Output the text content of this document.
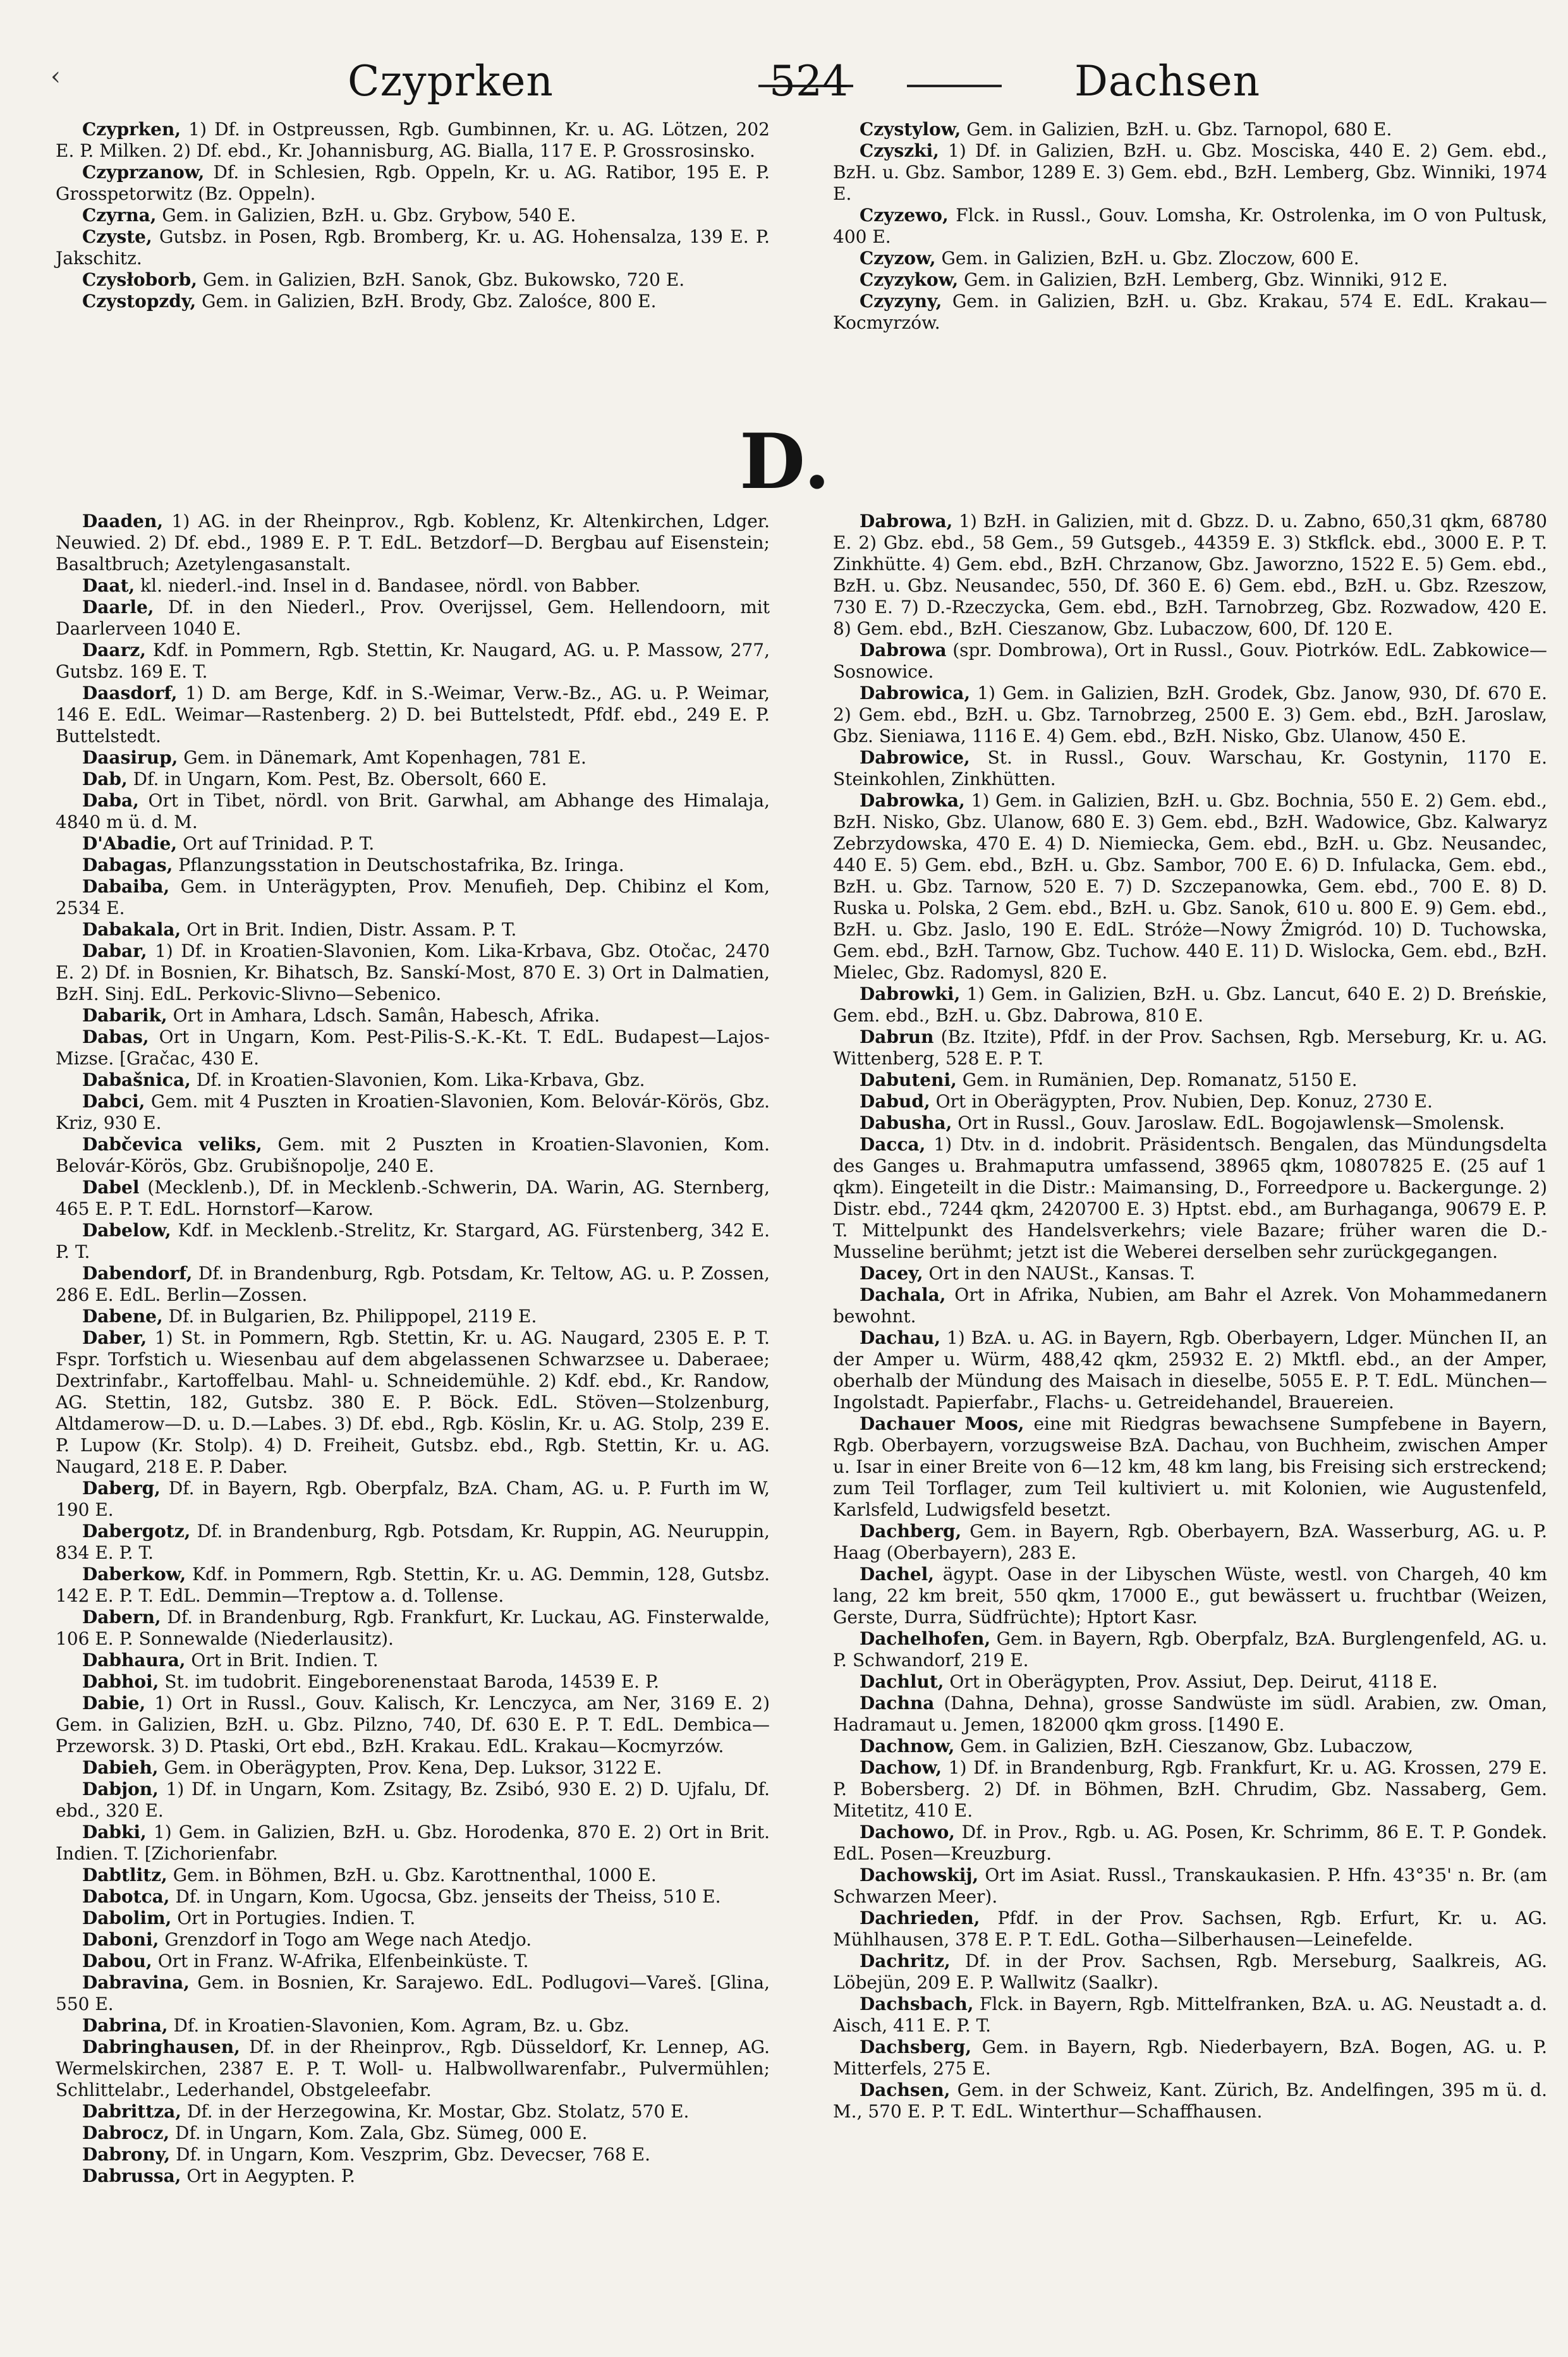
‹	Czyprken	524	Dachsen

Czyprken, 1) Df. in Ostpreussen, Rgb. Gumbinnen, Kr. u. AG. Lötzen, 202 E. P. Milken. 2) Df. ebd., Kr. Johannisburg, AG. Bialla, 117 E. P. Grossrosinsko.

Czyprzanow, Df. in Schlesien, Rgb. Oppeln, Kr. u. AG. Ratibor, 195 E. P. Grosspetorwitz (Bz. Oppeln).

Czyrna, Gem. in Galizien, BzH. u. Gbz. Grybow, 540 E.

Czyste, Gutsbz. in Posen, Rgb. Bromberg, Kr. u. AG. Hohensalza, 139 E. P. Jakschitz.

Czysłoborb, Gem. in Galizien, BzH. Sanok, Gbz. Bukowsko, 720 E.

Czystopzdy, Gem. in Galizien, BzH. Brody, Gbz. Zalośce, 800 E.

Czystylow, Gem. in Galizien, BzH. u. Gbz. Tarnopol, 680 E.

Czyszki, 1) Df. in Galizien, BzH. u. Gbz. Mosciska, 440 E. 2) Gem. ebd., BzH. u. Gbz. Sambor, 1289 E. 3) Gem. ebd., BzH. Lemberg, Gbz. Winniki, 1974 E.

Czyzewo, Flck. in Russl., Gouv. Lomsha, Kr. Ostrolenka, im O von Pultusk, 400 E.

Czyzow, Gem. in Galizien, BzH. u. Gbz. Zloczow, 600 E.

Czyzykow, Gem. in Galizien, BzH. Lemberg, Gbz. Winniki, 912 E.

Czyzyny, Gem. in Galizien, BzH. u. Gbz. Krakau, 574 E. EdL. Krakau—Kocmyrzów.

D.

Daaden, 1) AG. in der Rheinprov., Rgb. Koblenz, Kr. Altenkirchen, Ldger. Neuwied. 2) Df. ebd., 1989 E. P. T. EdL. Betzdorf—D. Bergbau auf Eisenstein; Basaltbruch; Azetylengasanstalt.

Daat, kl. niederl.-ind. Insel in d. Bandasee, nördl. von Babber.

Daarle, Df. in den Niederl., Prov. Overijssel, Gem. Hellendoorn, mit Daarlerveen 1040 E.

Daarz, Kdf. in Pommern, Rgb. Stettin, Kr. Naugard, AG. u. P. Massow, 277, Gutsbz. 169 E. T.

Daasdorf, 1) D. am Berge, Kdf. in S.-Weimar, Verw.-Bz., AG. u. P. Weimar, 146 E. EdL. Weimar—Rastenberg. 2) D. bei Buttelstedt, Pfdf. ebd., 249 E. P. Buttelstedt.

Daasirup, Gem. in Dänemark, Amt Kopenhagen, 781 E.

Dab, Df. in Ungarn, Kom. Pest, Bz. Obersolt, 660 E.

Daba, Ort in Tibet, nördl. von Brit. Garwhal, am Abhange des Himalaja, 4840 m ü. d. M.

D'Abadie, Ort auf Trinidad. P. T.

Dabagas, Pflanzungsstation in Deutschostafrika, Bz. Iringa.

Dabaiba, Gem. in Unterägypten, Prov. Menufieh, Dep. Chibinz el Kom, 2534 E.

Dabakala, Ort in Brit. Indien, Distr. Assam. P. T.

Dabar, 1) Df. in Kroatien-Slavonien, Kom. Lika-Krbava, Gbz. Otočac, 2470 E. 2) Df. in Bosnien, Kr. Bihatsch, Bz. Sanskí-Most, 870 E. 3) Ort in Dalmatien, BzH. Sinj. EdL. Perkovic-Slivno—Sebenico.

Dabarik, Ort in Amhara, Ldsch. Samân, Habesch, Afrika.

Dabas, Ort in Ungarn, Kom. Pest-Pilis-S.-K.-Kt. T. EdL. Budapest—Lajos-Mizse. [Gračac, 430 E.

Dabašnica, Df. in Kroatien-Slavonien, Kom. Lika-Krbava, Gbz.

Dabci, Gem. mit 4 Puszten in Kroatien-Slavonien, Kom. Belovár-Körös, Gbz. Kriz, 930 E.

Dabčevica veliks, Gem. mit 2 Puszten in Kroatien-Slavonien, Kom. Belovár-Körös, Gbz. Grubišnopolje, 240 E.

Dabel (Mecklenb.), Df. in Mecklenb.-Schwerin, DA. Warin, AG. Sternberg, 465 E. P. T. EdL. Hornstorf—Karow.

Dabelow, Kdf. in Mecklenb.-Strelitz, Kr. Stargard, AG. Fürstenberg, 342 E. P. T.

Dabendorf, Df. in Brandenburg, Rgb. Potsdam, Kr. Teltow, AG. u. P. Zossen, 286 E. EdL. Berlin—Zossen.

Dabene, Df. in Bulgarien, Bz. Philippopel, 2119 E.

Daber, 1) St. in Pommern, Rgb. Stettin, Kr. u. AG. Naugard, 2305 E. P. T. Fspr. Torfstich u. Wiesenbau auf dem abgelassenen Schwarzsee u. Daberaee; Dextrinfabr., Kartoffelbau. Mahl- u. Schneidemühle. 2) Kdf. ebd., Kr. Randow, AG. Stettin, 182, Gutsbz. 380 E. P. Böck. EdL. Stöven—Stolzenburg, Altdamerow—D. u. D.—Labes. 3) Df. ebd., Rgb. Köslin, Kr. u. AG. Stolp, 239 E. P. Lupow (Kr. Stolp). 4) D. Freiheit, Gutsbz. ebd., Rgb. Stettin, Kr. u. AG. Naugard, 218 E. P. Daber.

Daberg, Df. in Bayern, Rgb. Oberpfalz, BzA. Cham, AG. u. P. Furth im W, 190 E.

Dabergotz, Df. in Brandenburg, Rgb. Potsdam, Kr. Ruppin, AG. Neuruppin, 834 E. P. T.

Daberkow, Kdf. in Pommern, Rgb. Stettin, Kr. u. AG. Demmin, 128, Gutsbz. 142 E. P. T. EdL. Demmin—Treptow a. d. Tollense.

Dabern, Df. in Brandenburg, Rgb. Frankfurt, Kr. Luckau, AG. Finsterwalde, 106 E. P. Sonnewalde (Niederlausitz).

Dabhaura, Ort in Brit. Indien. T.

Dabhoi, St. im tudobrit. Eingeborenenstaat Baroda, 14539 E. P.

Dabie, 1) Ort in Russl., Gouv. Kalisch, Kr. Lenczyca, am Ner, 3169 E. 2) Gem. in Galizien, BzH. u. Gbz. Pilzno, 740, Df. 630 E. P. T. EdL. Dembica—Przeworsk. 3) D. Ptaski, Ort ebd., BzH. Krakau. EdL. Krakau—Kocmyrzów.

Dabieh, Gem. in Oberägypten, Prov. Kena, Dep. Luksor, 3122 E.

Dabjon, 1) Df. in Ungarn, Kom. Zsitagy, Bz. Zsibó, 930 E. 2) D. Ujfalu, Df. ebd., 320 E.

Dabki, 1) Gem. in Galizien, BzH. u. Gbz. Horodenka, 870 E. 2) Ort in Brit. Indien. T. [Zichorienfabr.

Dabtlitz, Gem. in Böhmen, BzH. u. Gbz. Karottnenthal, 1000 E.

Dabotca, Df. in Ungarn, Kom. Ugocsa, Gbz. jenseits der Theiss, 510 E.

Dabolim, Ort in Portugies. Indien. T.

Daboni, Grenzdorf in Togo am Wege nach Atedjo.

Dabou, Ort in Franz. W-Afrika, Elfenbeinküste. T.

Dabravina, Gem. in Bosnien, Kr. Sarajewo. EdL. Podlugovi—Vareš. [Glina, 550 E.

Dabrina, Df. in Kroatien-Slavonien, Kom. Agram, Bz. u. Gbz.

Dabringhausen, Df. in der Rheinprov., Rgb. Düsseldorf, Kr. Lennep, AG. Wermelskirchen, 2387 E. P. T. Woll- u. Halbwollwarenfabr., Pulvermühlen; Schlittelabr., Lederhandel, Obstgeleefabr.

Dabrittza, Df. in der Herzegowina, Kr. Mostar, Gbz. Stolatz, 570 E.

Dabrocz, Df. in Ungarn, Kom. Zala, Gbz. Sümeg, 000 E.

Dabrony, Df. in Ungarn, Kom. Veszprim, Gbz. Devecser, 768 E.

Dabrussa, Ort in Aegypten. P.

Dabrowa, 1) BzH. in Galizien, mit d. Gbzz. D. u. Zabno, 650,31 qkm, 68780 E. 2) Gbz. ebd., 58 Gem., 59 Gutsgeb., 44359 E. 3) Stkflck. ebd., 3000 E. P. T. Zinkhütte. 4) Gem. ebd., BzH. Chrzanow, Gbz. Jaworzno, 1522 E. 5) Gem. ebd., BzH. u. Gbz. Neusandec, 550, Df. 360 E. 6) Gem. ebd., BzH. u. Gbz. Rzeszow, 730 E. 7) D.-Rzeczycka, Gem. ebd., BzH. Tarnobrzeg, Gbz. Rozwadow, 420 E. 8) Gem. ebd., BzH. Cieszanow, Gbz. Lubaczow, 600, Df. 120 E.

Dabrowa (spr. Dombrowa), Ort in Russl., Gouv. Piotrków. EdL. Zabkowice—Sosnowice.

Dabrowica, 1) Gem. in Galizien, BzH. Grodek, Gbz. Janow, 930, Df. 670 E. 2) Gem. ebd., BzH. u. Gbz. Tarnobrzeg, 2500 E. 3) Gem. ebd., BzH. Jaroslaw, Gbz. Sieniawa, 1116 E. 4) Gem. ebd., BzH. Nisko, Gbz. Ulanow, 450 E.

Dabrowice, St. in Russl., Gouv. Warschau, Kr. Gostynin, 1170 E. Steinkohlen, Zinkhütten.

Dabrowka, 1) Gem. in Galizien, BzH. u. Gbz. Bochnia, 550 E. 2) Gem. ebd., BzH. Nisko, Gbz. Ulanow, 680 E. 3) Gem. ebd., BzH. Wadowice, Gbz. Kalwaryz Zebrzydowska, 470 E. 4) D. Niemiecka, Gem. ebd., BzH. u. Gbz. Neusandec, 440 E. 5) Gem. ebd., BzH. u. Gbz. Sambor, 700 E. 6) D. Infulacka, Gem. ebd., BzH. u. Gbz. Tarnow, 520 E. 7) D. Szczepanowka, Gem. ebd., 700 E. 8) D. Ruska u. Polska, 2 Gem. ebd., BzH. u. Gbz. Sanok, 610 u. 800 E. 9) Gem. ebd., BzH. u. Gbz. Jaslo, 190 E. EdL. Stróże—Nowy Żmigród. 10) D. Tuchowska, Gem. ebd., BzH. Tarnow, Gbz. Tuchow. 440 E. 11) D. Wislocka, Gem. ebd., BzH. Mielec, Gbz. Radomysl, 820 E.

Dabrowki, 1) Gem. in Galizien, BzH. u. Gbz. Lancut, 640 E. 2) D. Breńskie, Gem. ebd., BzH. u. Gbz. Dabrowa, 810 E.

Dabrun (Bz. Itzite), Pfdf. in der Prov. Sachsen, Rgb. Merseburg, Kr. u. AG. Wittenberg, 528 E. P. T.

Dabuteni, Gem. in Rumänien, Dep. Romanatz, 5150 E.

Dabud, Ort in Oberägypten, Prov. Nubien, Dep. Konuz, 2730 E.

Dabusha, Ort in Russl., Gouv. Jaroslaw. EdL. Bogojawlensk—Smolensk.

Dacca, 1) Dtv. in d. indobrit. Präsidentsch. Bengalen, das Mündungsdelta des Ganges u. Brahmaputra umfassend, 38965 qkm, 10807825 E. (25 auf 1 qkm). Eingeteilt in die Distr.: Maimansing, D., Forreedpore u. Backergunge. 2) Distr. ebd., 7244 qkm, 2420700 E. 3) Hptst. ebd., am Burhaganga, 90679 E. P. T. Mittelpunkt des Handelsverkehrs; viele Bazare; früher waren die D.-Musseline berühmt; jetzt ist die Weberei derselben sehr zurückgegangen.

Dacey, Ort in den NAUSt., Kansas. T.

Dachala, Ort in Afrika, Nubien, am Bahr el Azrek. Von Mohammedanern bewohnt.

Dachau, 1) BzA. u. AG. in Bayern, Rgb. Oberbayern, Ldger. München II, an der Amper u. Würm, 488,42 qkm, 25932 E. 2) Mktfl. ebd., an der Amper, oberhalb der Mündung des Maisach in dieselbe, 5055 E. P. T. EdL. München—Ingolstadt. Papierfabr., Flachs- u. Getreidehandel, Brauereien.

Dachauer Moos, eine mit Riedgras bewachsene Sumpfebene in Bayern, Rgb. Oberbayern, vorzugsweise BzA. Dachau, von Buchheim, zwischen Amper u. Isar in einer Breite von 6—12 km, 48 km lang, bis Freising sich erstreckend; zum Teil Torflager, zum Teil kultiviert u. mit Kolonien, wie Augustenfeld, Karlsfeld, Ludwigsfeld besetzt.

Dachberg, Gem. in Bayern, Rgb. Oberbayern, BzA. Wasserburg, AG. u. P. Haag (Oberbayern), 283 E.

Dachel, ägypt. Oase in der Libyschen Wüste, westl. von Chargeh, 40 km lang, 22 km breit, 550 qkm, 17000 E., gut bewässert u. fruchtbar (Weizen, Gerste, Durra, Südfrüchte); Hptort Kasr.

Dachelhofen, Gem. in Bayern, Rgb. Oberpfalz, BzA. Burglengenfeld, AG. u. P. Schwandorf, 219 E.

Dachlut, Ort in Oberägypten, Prov. Assiut, Dep. Deirut, 4118 E.

Dachna (Dahna, Dehna), grosse Sandwüste im südl. Arabien, zw. Oman, Hadramaut u. Jemen, 182000 qkm gross. [1490 E.

Dachnow, Gem. in Galizien, BzH. Cieszanow, Gbz. Lubaczow,

Dachow, 1) Df. in Brandenburg, Rgb. Frankfurt, Kr. u. AG. Krossen, 279 E. P. Bobersberg. 2) Df. in Böhmen, BzH. Chrudim, Gbz. Nassaberg, Gem. Mitetitz, 410 E.

Dachowo, Df. in Prov., Rgb. u. AG. Posen, Kr. Schrimm, 86 E. T. P. Gondek. EdL. Posen—Kreuzburg.

Dachowskij, Ort im Asiat. Russl., Transkaukasien. P. Hfn. 43°35' n. Br. (am Schwarzen Meer).

Dachrieden, Pfdf. in der Prov. Sachsen, Rgb. Erfurt, Kr. u. AG. Mühlhausen, 378 E. P. T. EdL. Gotha—Silberhausen—Leinefelde.

Dachritz, Df. in der Prov. Sachsen, Rgb. Merseburg, Saalkreis, AG. Löbejün, 209 E. P. Wallwitz (Saalkr).

Dachsbach, Flck. in Bayern, Rgb. Mittelfranken, BzA. u. AG. Neustadt a. d. Aisch, 411 E. P. T.

Dachsberg, Gem. in Bayern, Rgb. Niederbayern, BzA. Bogen, AG. u. P. Mitterfels, 275 E.

Dachsen, Gem. in der Schweiz, Kant. Zürich, Bz. Andelfingen, 395 m ü. d. M., 570 E. P. T. EdL. Winterthur—Schaffhausen.
